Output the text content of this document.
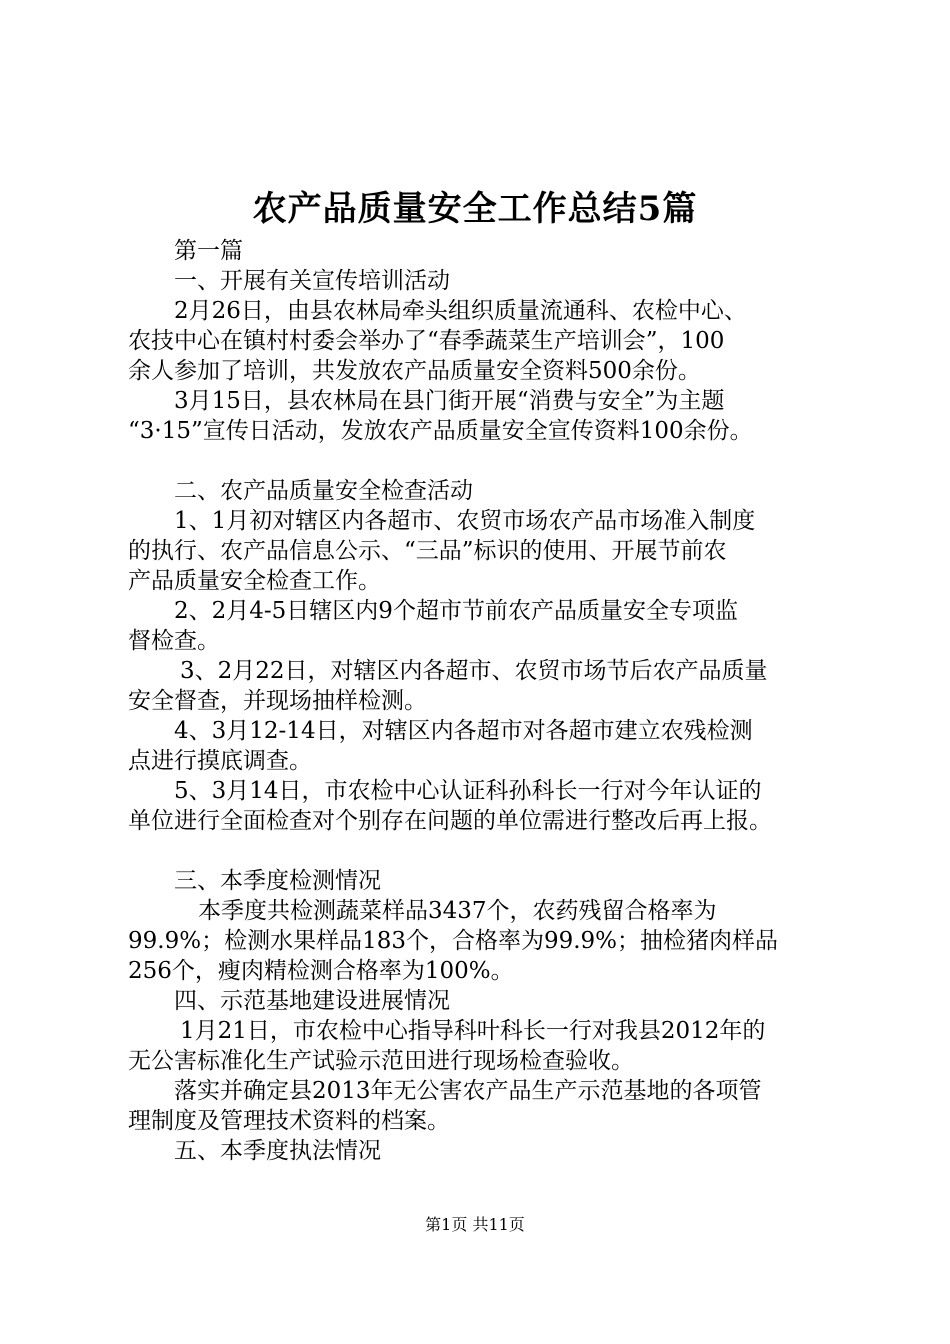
农产品质量安全工作总结5篇

第一篇

一、开展有关宣传培训活动

2月26日，由县农林局牵头组织质量流通科、农检中心、

农技中心在镇村村委会举办了“春季蔬菜生产培训会”，100

余人参加了培训，共发放农产品质量安全资料500余份。

3月15日，县农林局在县门街开展“消费与安全”为主题

“3·15”宣传日活动，发放农产品质量安全宣传资料100余份。

二、农产品质量安全检查活动

1、1月初对辖区内各超市、农贸市场农产品市场准入制度

的执行、农产品信息公示、“三品”标识的使用、开展节前农

产品质量安全检查工作。

2、2月4-5日辖区内9个超市节前农产品质量安全专项监

督检查。

3、2月22日，对辖区内各超市、农贸市场节后农产品质量

安全督查，并现场抽样检测。

4、3月12-14日，对辖区内各超市对各超市建立农残检测

点进行摸底调查。

5、3月14日，市农检中心认证科孙科长一行对今年认证的

单位进行全面检查对个别存在问题的单位需进行整改后再上报。

三、本季度检测情况

本季度共检测蔬菜样品3437个，农药残留合格率为

99.9%；检测水果样品183个，合格率为99.9%；抽检猪肉样品

256个，瘦肉精检测合格率为100%。

四、示范基地建设进展情况

1月21日，市农检中心指导科叶科长一行对我县2012年的

无公害标准化生产试验示范田进行现场检查验收。

落实并确定县2013年无公害农产品生产示范基地的各项管

理制度及管理技术资料的档案。

五、本季度执法情况

第1页 共11页
